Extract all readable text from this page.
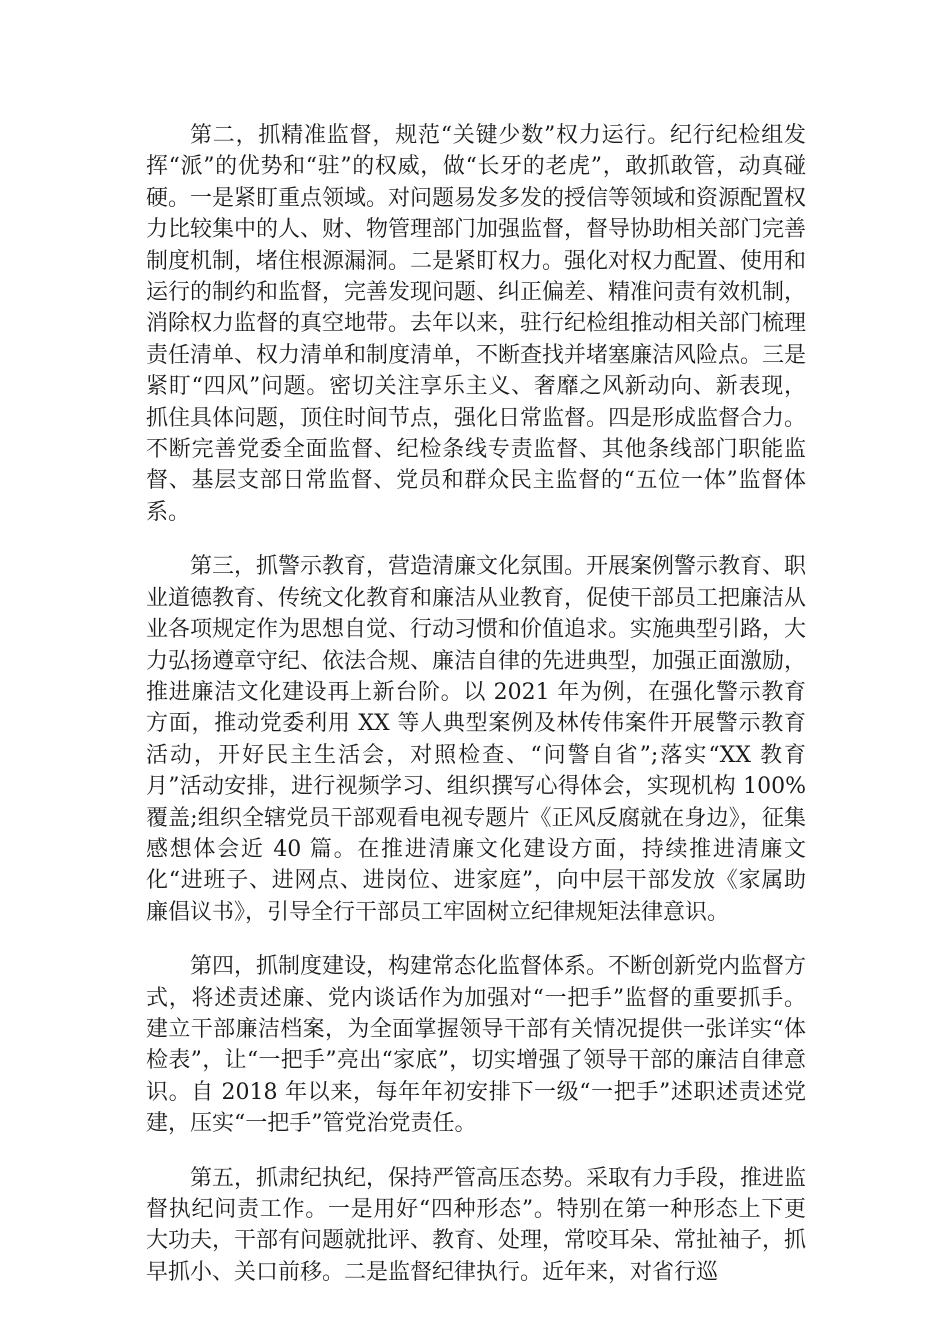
第二，抓精准监督，规范“关键少数”权力运行。纪行纪检组发挥“派”的优势和“驻”的权威，做“长牙的老虎”，敢抓敢管，动真碰硬。一是紧盯重点领域。对问题易发多发的授信等领域和资源配置权力比较集中的人、财、物管理部门加强监督，督导协助相关部门完善制度机制，堵住根源漏洞。二是紧盯权力。强化对权力配置、使用和运行的制约和监督，完善发现问题、纠正偏差、精准问责有效机制，消除权力监督的真空地带。去年以来，驻行纪检组推动相关部门梳理责任清单、权力清单和制度清单，不断查找并堵塞廉洁风险点。三是紧盯“四风”问题。密切关注享乐主义、奢靡之风新动向、新表现，抓住具体问题，顶住时间节点，强化日常监督。四是形成监督合力。不断完善党委全面监督、纪检条线专责监督、其他条线部门职能监督、基层支部日常监督、党员和群众民主监督的“五位一体”监督体系。

第三，抓警示教育，营造清廉文化氛围。开展案例警示教育、职业道德教育、传统文化教育和廉洁从业教育，促使干部员工把廉洁从业各项规定作为思想自觉、行动习惯和价值追求。实施典型引路，大力弘扬遵章守纪、依法合规、廉洁自律的先进典型，加强正面激励，推进廉洁文化建设再上新台阶。以 2021 年为例，在强化警示教育方面，推动党委利用 XX 等人典型案例及林传伟案件开展警示教育活动，开好民主生活会，对照检查、“问警自省”;落实“XX 教育月”活动安排，进行视频学习、组织撰写心得体会，实现机构 100%覆盖;组织全辖党员干部观看电视专题片《正风反腐就在身边》，征集感想体会近 40 篇。在推进清廉文化建设方面，持续推进清廉文化“进班子、进网点、进岗位、进家庭”，向中层干部发放《家属助廉倡议书》，引导全行干部员工牢固树立纪律规矩法律意识。

第四，抓制度建设，构建常态化监督体系。不断创新党内监督方式，将述责述廉、党内谈话作为加强对“一把手”监督的重要抓手。建立干部廉洁档案，为全面掌握领导干部有关情况提供一张详实“体检表”，让“一把手”亮出“家底”，切实增强了领导干部的廉洁自律意识。自 2018 年以来，每年年初安排下一级“一把手”述职述责述党建，压实“一把手”管党治党责任。

第五，抓肃纪执纪，保持严管高压态势。采取有力手段，推进监督执纪问责工作。一是用好“四种形态”。特别在第一种形态上下更大功夫，干部有问题就批评、教育、处理，常咬耳朵、常扯袖子，抓早抓小、关口前移。二是监督纪律执行。近年来，对省行巡
